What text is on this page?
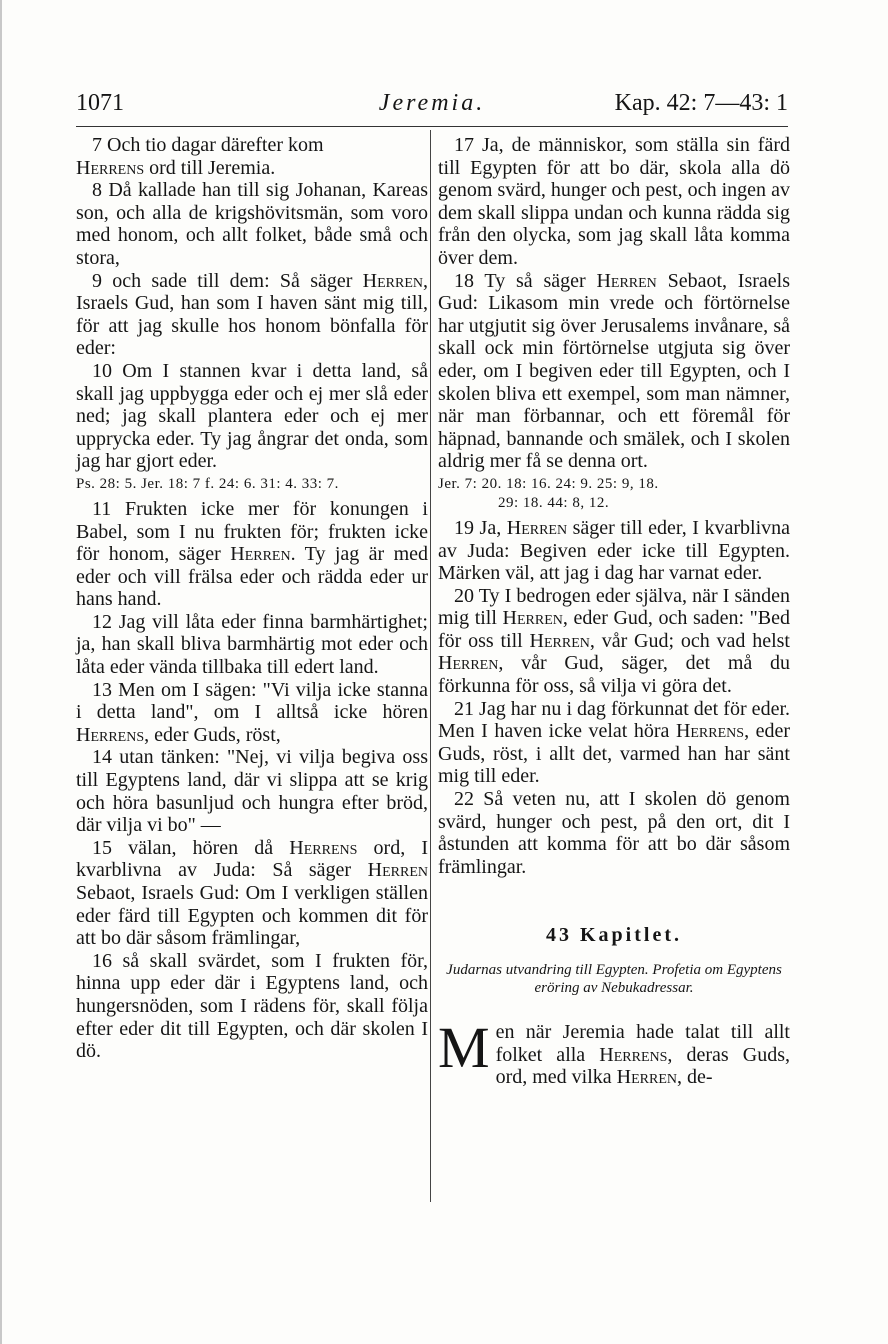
1071	Jeremia.	Kap. 42: 7—43: 1

7 Och tio dagar därefter kom
Herrens ord till Jeremia.

8 Då kallade han till sig Johanan, Kareas son, och alla de krigshövitsmän, som voro med honom, och allt folket, både små och stora,

9 och sade till dem: Så säger Herren, Israels Gud, han som I haven sänt mig till, för att jag skulle hos honom bönfalla för eder:

10 Om I stannen kvar i detta land, så skall jag uppbygga eder och ej mer slå eder ned; jag skall plantera eder och ej mer upprycka eder. Ty jag ångrar det onda, som jag har gjort eder.

Ps. 28: 5. Jer. 18: 7 f. 24: 6. 31: 4. 33: 7.

11 Frukten icke mer för konungen i Babel, som I nu frukten för; frukten icke för honom, säger Herren. Ty jag är med eder och vill frälsa eder och rädda eder ur hans hand.

12 Jag vill låta eder finna barmhärtighet; ja, han skall bliva barmhärtig mot eder och låta eder vända tillbaka till edert land.

13 Men om I sägen: "Vi vilja icke stanna i detta land", om I alltså icke hören Herrens, eder Guds, röst,

14 utan tänken: "Nej, vi vilja begiva oss till Egyptens land, där vi slippa att se krig och höra basunljud och hungra efter bröd, där vilja vi bo" —

15 välan, hören då Herrens ord, I kvarblivna av Juda: Så säger Herren Sebaot, Israels Gud: Om I verkligen ställen eder färd till Egypten och kommen dit för att bo där såsom främlingar,

16 så skall svärdet, som I frukten för, hinna upp eder där i Egyptens land, och hungersnöden, som I rädens för, skall följa efter eder dit till Egypten, och där skolen I dö.

17 Ja, de människor, som ställa sin färd till Egypten för att bo där, skola alla dö genom svärd, hunger och pest, och ingen av dem skall slippa undan och kunna rädda sig från den olycka, som jag skall låta komma över dem.

18 Ty så säger Herren Sebaot, Israels Gud: Likasom min vrede och förtörnelse har utgjutit sig över Jerusalems invånare, så skall ock min förtörnelse utgjuta sig över eder, om I begiven eder till Egypten, och I skolen bliva ett exempel, som man nämner, när man förbannar, och ett föremål för häpnad, bannande och smälek, och I skolen aldrig mer få se denna ort.

Jer. 7: 20. 18: 16. 24: 9. 25: 9, 18.
29: 18. 44: 8, 12.

19 Ja, Herren säger till eder, I kvarblivna av Juda: Begiven eder icke till Egypten. Märken väl, att jag i dag har varnat eder.

20 Ty I bedrogen eder själva, när I sänden mig till Herren, eder Gud, och saden: "Bed för oss till Herren, vår Gud; och vad helst Herren, vår Gud, säger, det må du förkunna för oss, så vilja vi göra det.

21 Jag har nu i dag förkunnat det för eder. Men I haven icke velat höra Herrens, eder Guds, röst, i allt det, varmed han har sänt mig till eder.

22 Så veten nu, att I skolen dö genom svärd, hunger och pest, på den ort, dit I åstunden att komma för att bo där såsom främlingar.

43 Kapitlet.
Judarnas utvandring till Egypten. Profetia om Egyptens eröring av Nebukadressar.

Men när Jeremia hade talat till allt folket alla Herrens, deras Guds, ord, med vilka Herren, de-
